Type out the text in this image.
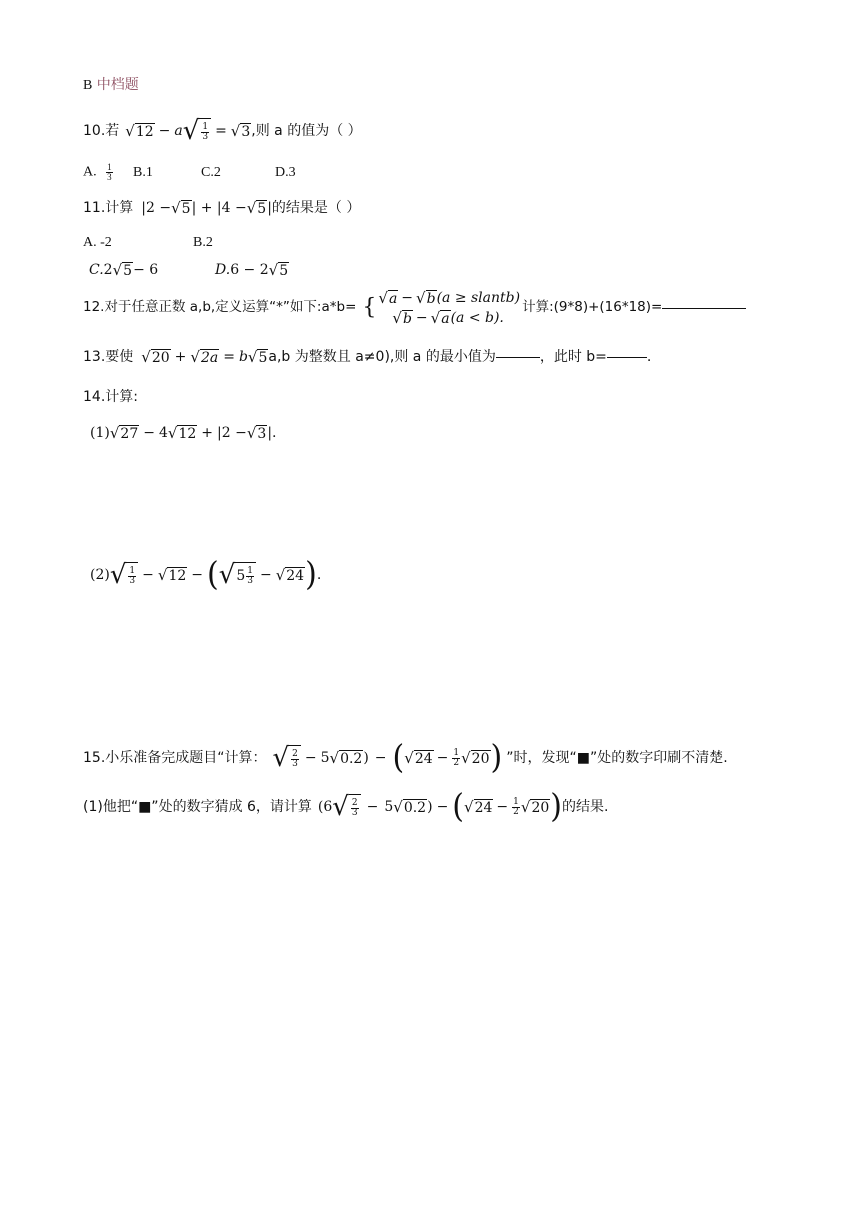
B 中档题
10.若 √ 12 − a √ $\frac{1}{3}$ = √ 3 ,则 a 的值为（ ）
A. $\frac{1}{3} B.1$	C.2	D.3
11.计算 |2 − √ 5 | + |4 − √ 5 | 的结果是（ ）
A. -2	B.2
C. 2 √ 5 − 6	D. 6 − 2 √ 5
12.对于任意正数 a,b,定义运算“*”如下:a*b= { √ a − √ b (a ≥ slantb)
√ b − √ a (a < b).
计算:(9*8)+(16*18)=
13.要使 √ 20 + √ 2a = b √ 5 a,b 为整数且 a≠0),则 a 的最小值为	，此时 b=	.
14.计算:
(1) √ 27 − 4 √ 12 + |2 − √ 3 |.
(2) √ $\frac{1}{3}$ − √ 12 − ( √ $5 \frac{1}{3}$ − √ 24 ) .
15.小乐准备完成题目“计算： √ $\frac{2}{3} - 5$ √ 0.2 ) − ( √ $24 - \frac{1}{2}$ √ 20 ) ”时，发现“■”处的数字印刷不清楚.
(1)他把“■”处的数字猜成 6，请计算 (6 √ $\frac{2}{3} - 5$ √ 0.2 ) − ( √ $24 - \frac{1}{2}$ √ 20 ) 的结果.
